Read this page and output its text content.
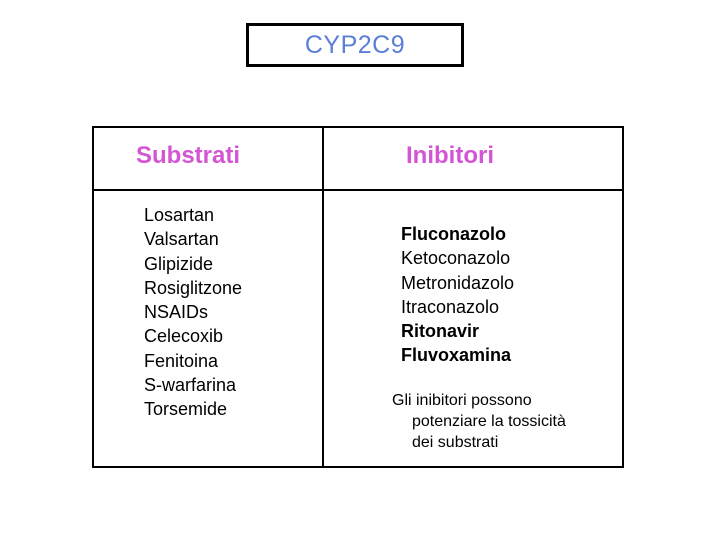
CYP2C9
Substrati	Inibitori
Losartan
Valsartan
Glipizide
Rosiglitzone
NSAIDs
Celecoxib
Fenitoina
S-warfarina
Torsemide
Fluconazolo
Ketoconazolo
Metronidazolo
Itraconazolo
Ritonavir
Fluvoxamina
Gli inibitori possono
potenziare la tossicità
dei substrati
